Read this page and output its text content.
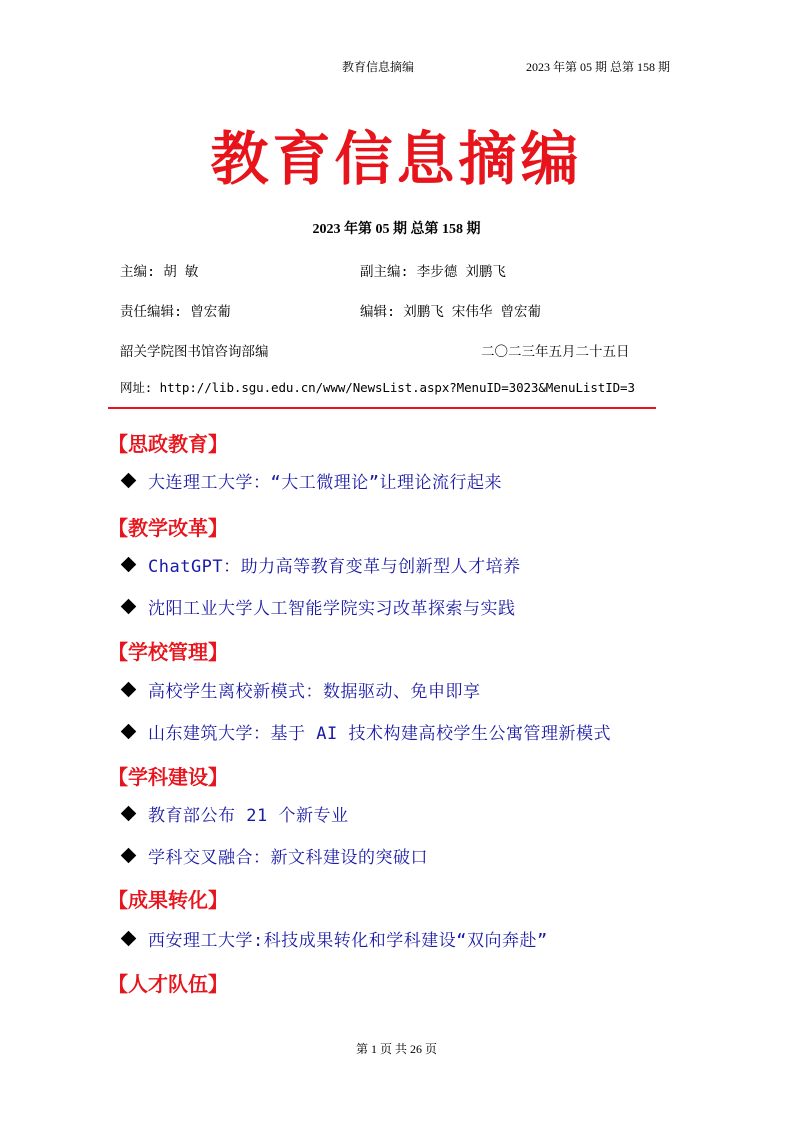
教育信息摘编	2023 年第 05 期 总第 158 期
教育信息摘编
2023 年第 05 期 总第 158 期
主编: 胡 敏	副主编: 李步德 刘鹏飞
责任编辑: 曾宏葡	编辑: 刘鹏飞 宋伟华 曾宏葡
韶关学院图书馆咨询部编	二〇二三年五月二十五日
网址: http://lib.sgu.edu.cn/www/NewsList.aspx?MenuID=3023&MenuListID=3
【思政教育】
大连理工大学：“大工微理论”让理论流行起来
【教学改革】
ChatGPT：助力高等教育变革与创新型人才培养
沈阳工业大学人工智能学院实习改革探索与实践
【学校管理】
高校学生离校新模式：数据驱动、免申即享
山东建筑大学：基于 AI 技术构建高校学生公寓管理新模式
【学科建设】
教育部公布 21 个新专业
学科交叉融合：新文科建设的突破口
【成果转化】
西安理工大学:科技成果转化和学科建设“双向奔赴”
【人才队伍】
第 1 页 共 26 页
